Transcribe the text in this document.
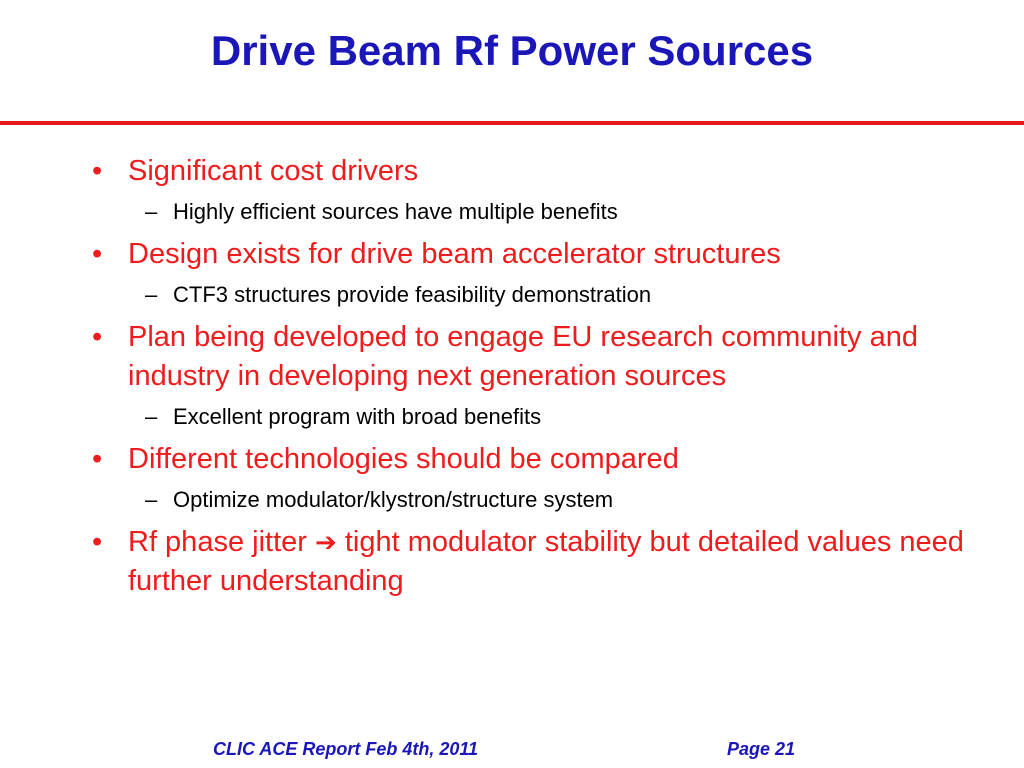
Drive Beam Rf Power Sources
• Significant cost drivers
– Highly efficient sources have multiple benefits
• Design exists for drive beam accelerator structures
– CTF3 structures provide feasibility demonstration
• Plan being developed to engage EU research community and industry in developing next generation sources
– Excellent program with broad benefits
• Different technologies should be compared
– Optimize modulator/klystron/structure system
• Rf phase jitter ➔ tight modulator stability but detailed values need further understanding
CLIC ACE Report Feb 4th, 2011	Page 21
